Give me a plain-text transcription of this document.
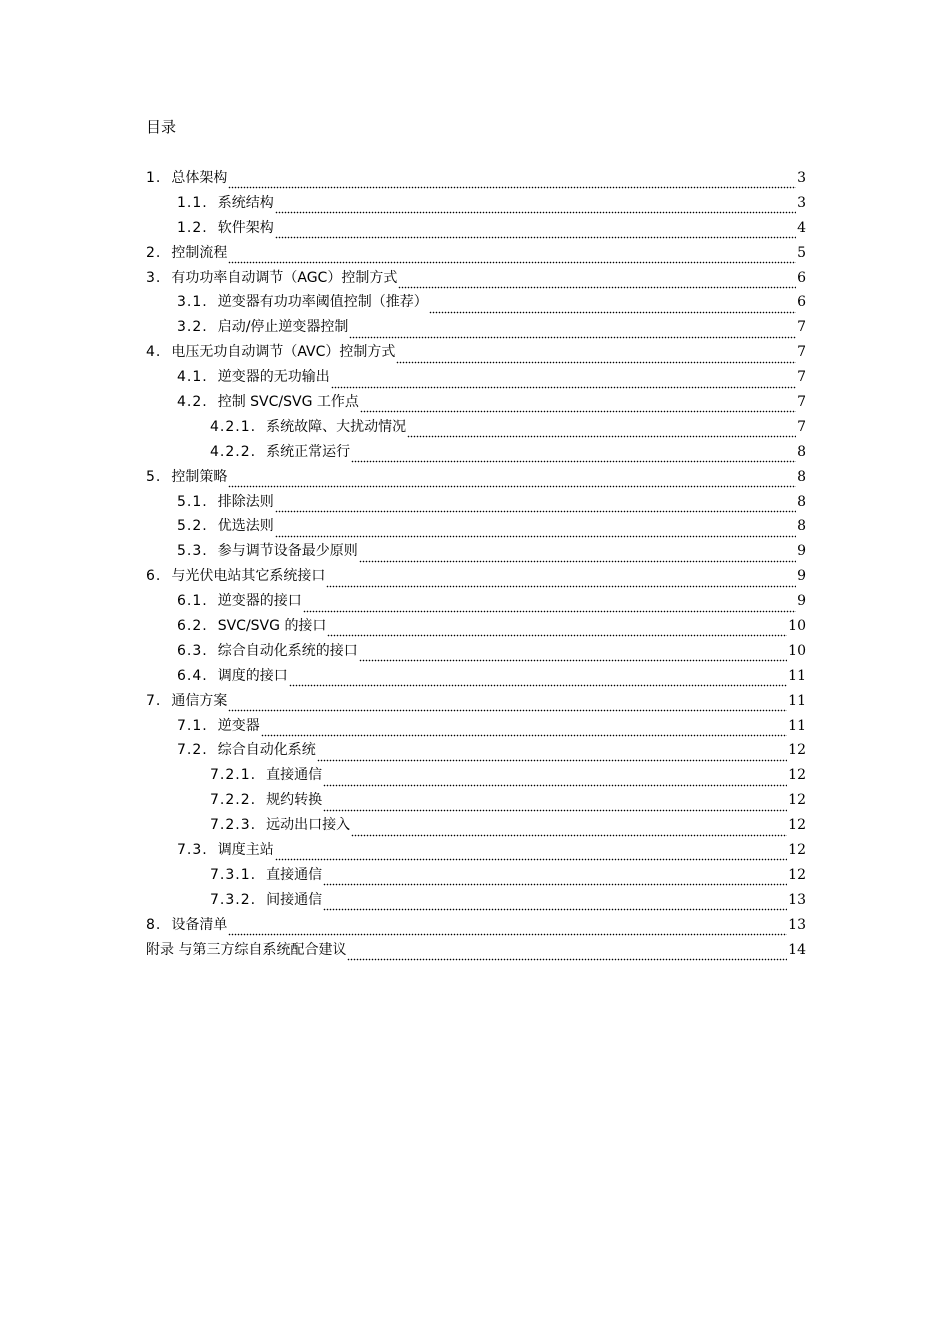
目录
1. 总体架构	3
1.1. 系统结构	3
1.2. 软件架构	4
2. 控制流程	5
3. 有功功率自动调节（AGC）控制方式	6
3.1. 逆变器有功功率阈值控制（推荐）	6
3.2. 启动/停止逆变器控制	7
4. 电压无功自动调节（AVC）控制方式	7
4.1. 逆变器的无功输出	7
4.2. 控制 SVC/SVG 工作点	7
4.2.1. 系统故障、大扰动情况	7
4.2.2. 系统正常运行	8
5. 控制策略	8
5.1. 排除法则	8
5.2. 优选法则	8
5.3. 参与调节设备最少原则	9
6. 与光伏电站其它系统接口	9
6.1. 逆变器的接口	9
6.2. SVC/SVG 的接口	10
6.3. 综合自动化系统的接口	10
6.4. 调度的接口	11
7. 通信方案	11
7.1. 逆变器	11
7.2. 综合自动化系统	12
7.2.1. 直接通信	12
7.2.2. 规约转换	12
7.2.3. 远动出口接入	12
7.3. 调度主站	12
7.3.1. 直接通信	12
7.3.2. 间接通信	13
8. 设备清单	13
附录 与第三方综自系统配合建议	14
